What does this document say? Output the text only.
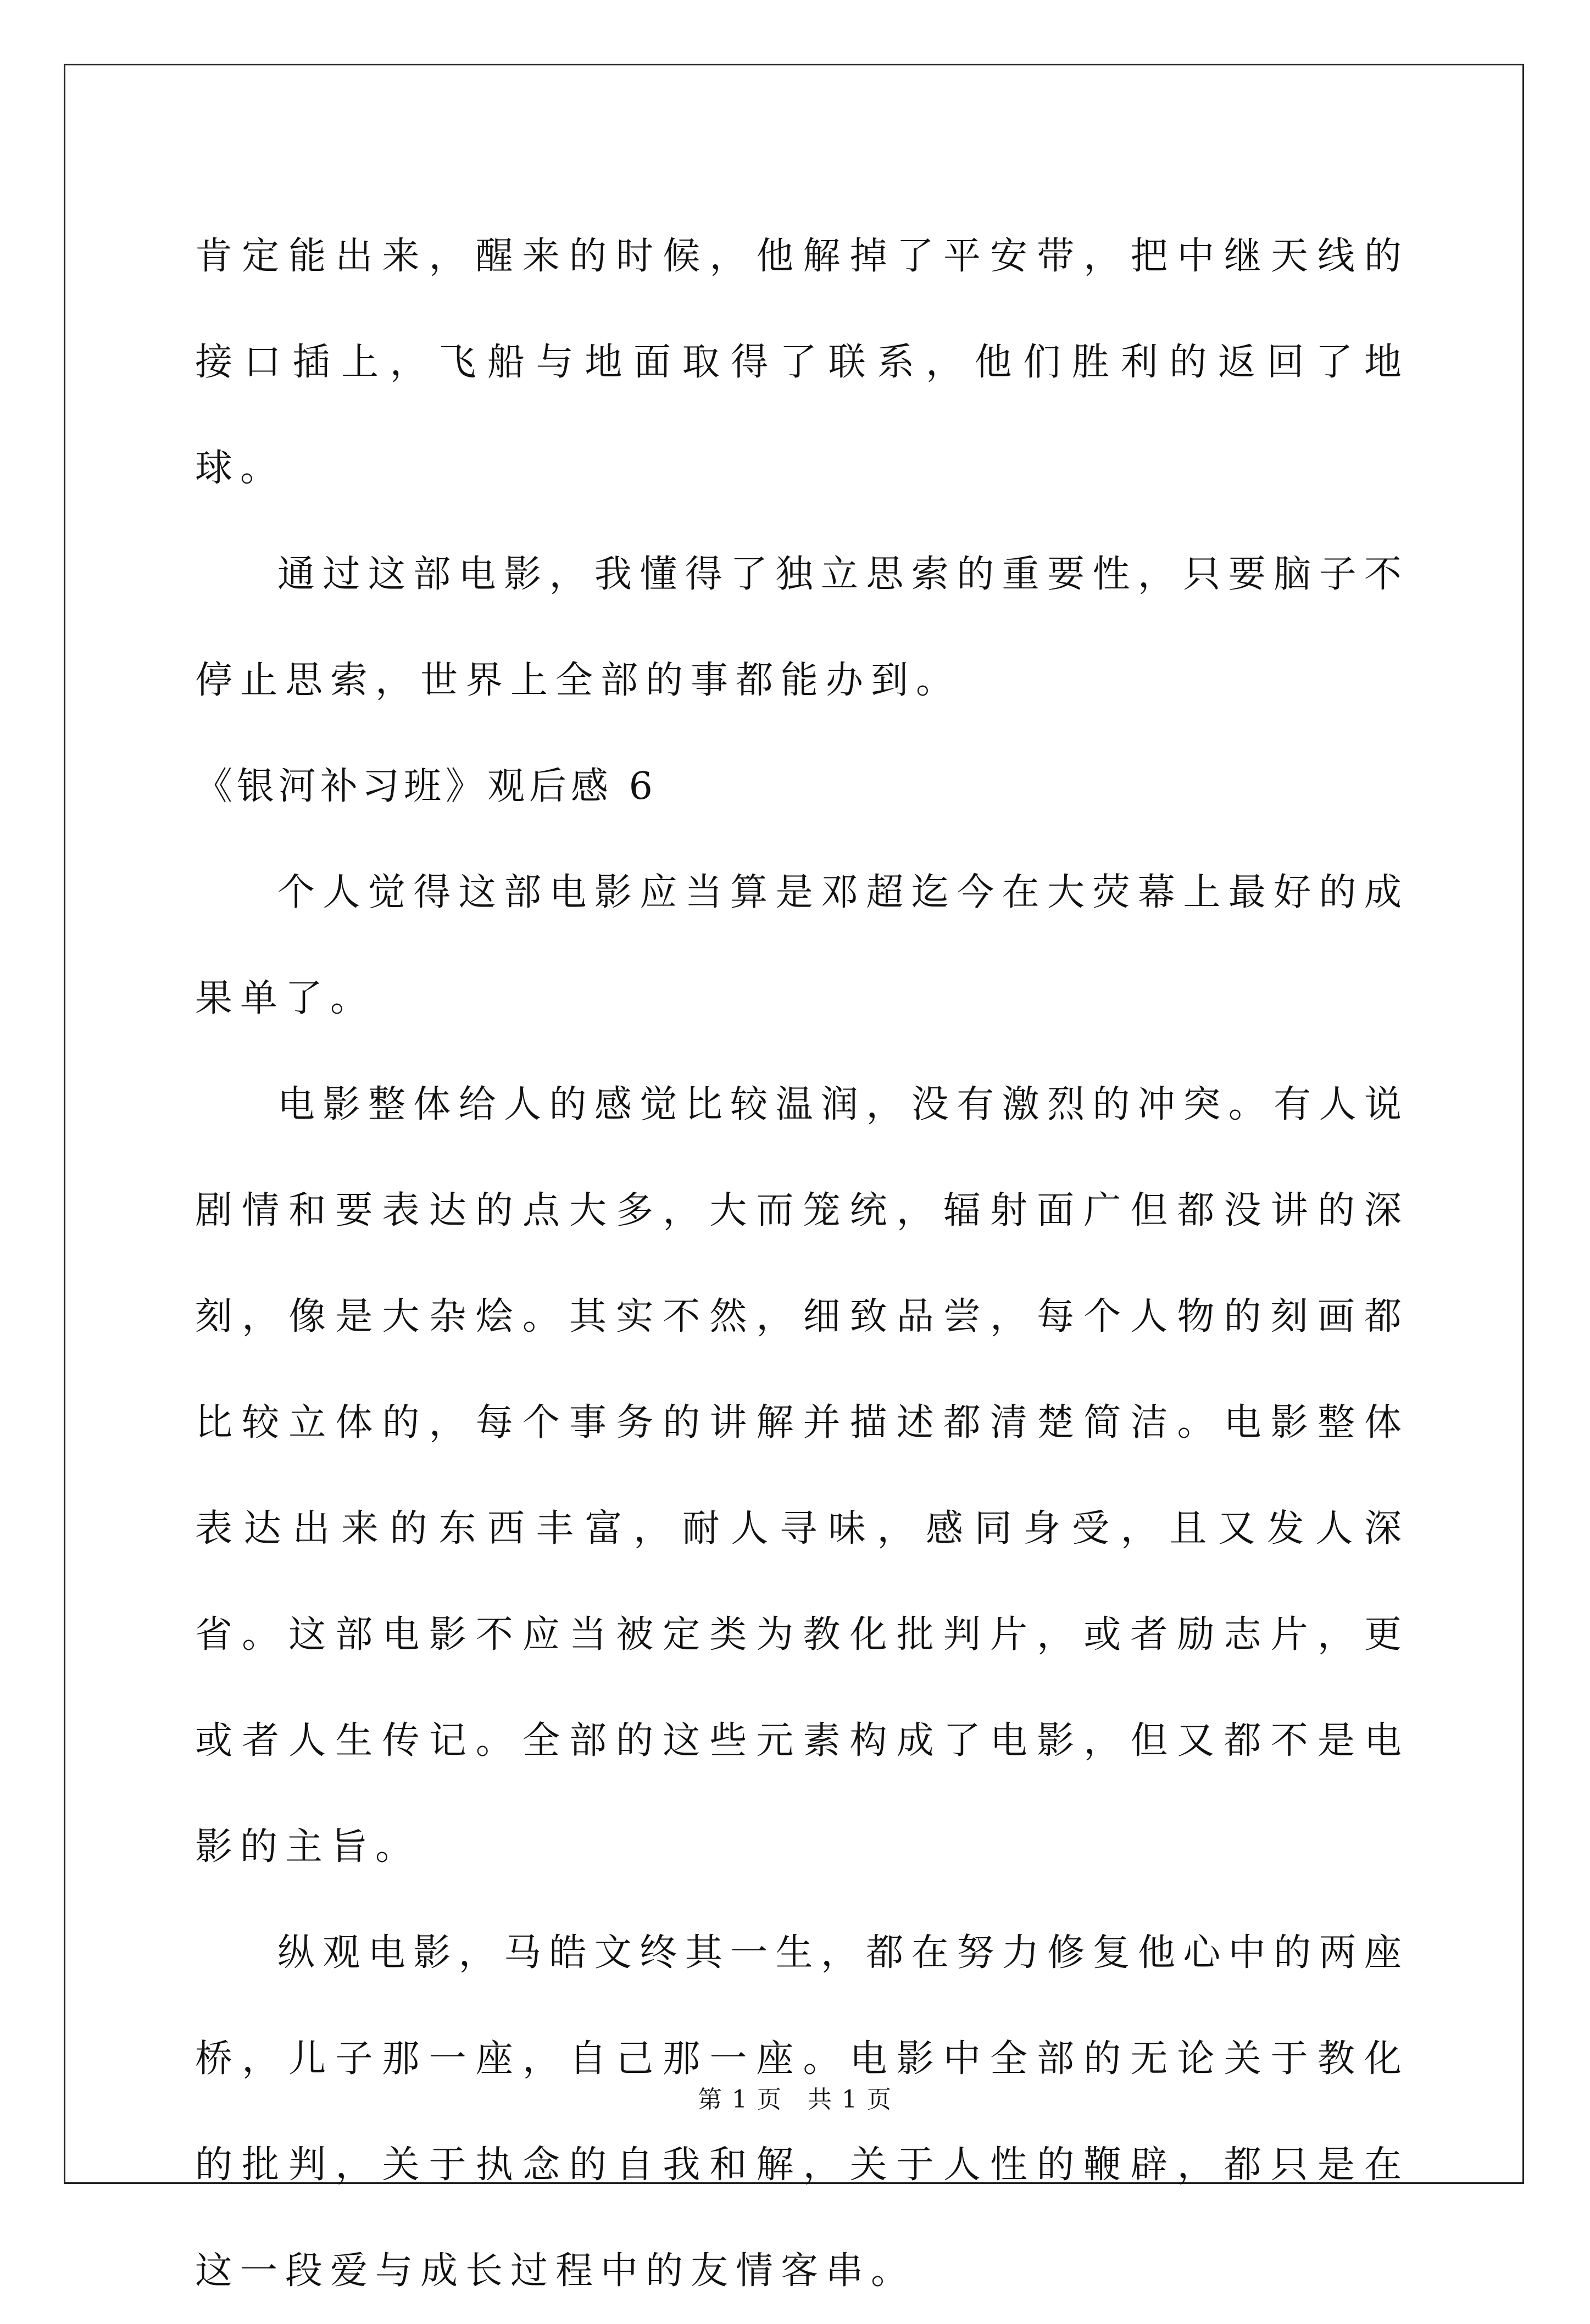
肯定能出来，醒来的时候，他解掉了平安带，把中继天线的接口插上，飞船与地面取得了联系，他们胜利的返回了地球。

通过这部电影，我懂得了独立思索的重要性，只要脑子不停止思索，世界上全部的事都能办到。

《银河补习班》观后感 6

个人觉得这部电影应当算是邓超迄今在大荧幕上最好的成果单了。

电影整体给人的感觉比较温润，没有激烈的冲突。有人说剧情和要表达的点大多，大而笼统，辐射面广但都没讲的深刻，像是大杂烩。其实不然，细致品尝，每个人物的刻画都比较立体的，每个事务的讲解并描述都清楚简洁。电影整体表达出来的东西丰富，耐人寻味，感同身受，且又发人深省。这部电影不应当被定类为教化批判片，或者励志片，更或者人生传记。全部的这些元素构成了电影，但又都不是电影的主旨。

纵观电影，马皓文终其一生，都在努力修复他心中的两座桥，儿子那一座，自己那一座。电影中全部的无论关于教化的批判，关于执念的自我和解，关于人性的鞭辟，都只是在这一段爱与成长过程中的友情客串。

第 1 页　共 1 页
